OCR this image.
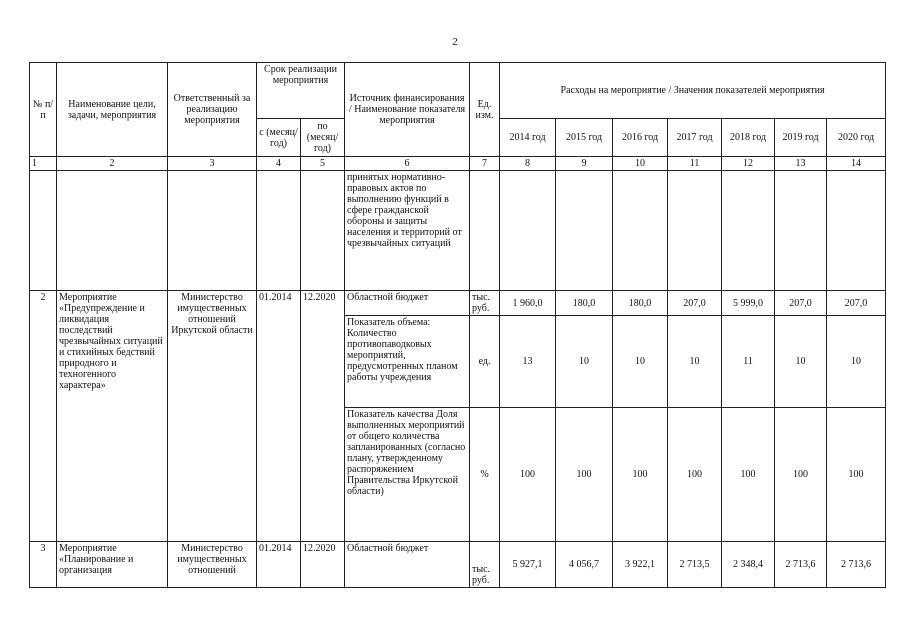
2
№ п/п	Наименование цели, задачи, мероприятия	Ответственный за реализацию мероприятия	Срок реализации мероприятия		Источник финансирования / Наименование показателя мероприятия	Ед. изм.	Расходы на мероприятие / Значения показателей мероприятия						
			с (месяц/ год)	по (месяц/ год)			2014 год	2015 год	2016 год	2017 год	2018 год	2019 год	2020 год
1	2	3	4	5	6	7	8	9	10	11	12	13	14
					принятых нормативно-правовых актов по выполнению функций в сфере гражданской обороны и защиты населения и территорий от чрезвычайных ситуаций								
2	Мероприятие «Предупреждение и ликвидация последствий чрезвычайных ситуаций и стихийных бедствий природного и техногенного характера»	Министерство имущественных отношений Иркутской области	01.2014	12.2020	Областной бюджет	тыс. руб.	1 960,0	180,0	180,0	207,0	5 999,0	207,0	207,0
					Показатель объема: Количество противопаводковых мероприятий, предусмотренных планом работы учреждения	ед.	13	10	10	10	11	10	10
					Показатель качества Доля выполненных мероприятий от общего количества запланированных (согласно плану, утвержденному распоряжением Правительства Иркутской области)	%	100	100	100	100	100	100	100
3	Мероприятие «Планирование и организация	Министерство имущественных отношений	01.2014	12.2020	Областной бюджет	тыс. руб.	5 927,1	4 056,7	3 922,1	2 713,5	2 348,4	2 713,6	2 713,6
